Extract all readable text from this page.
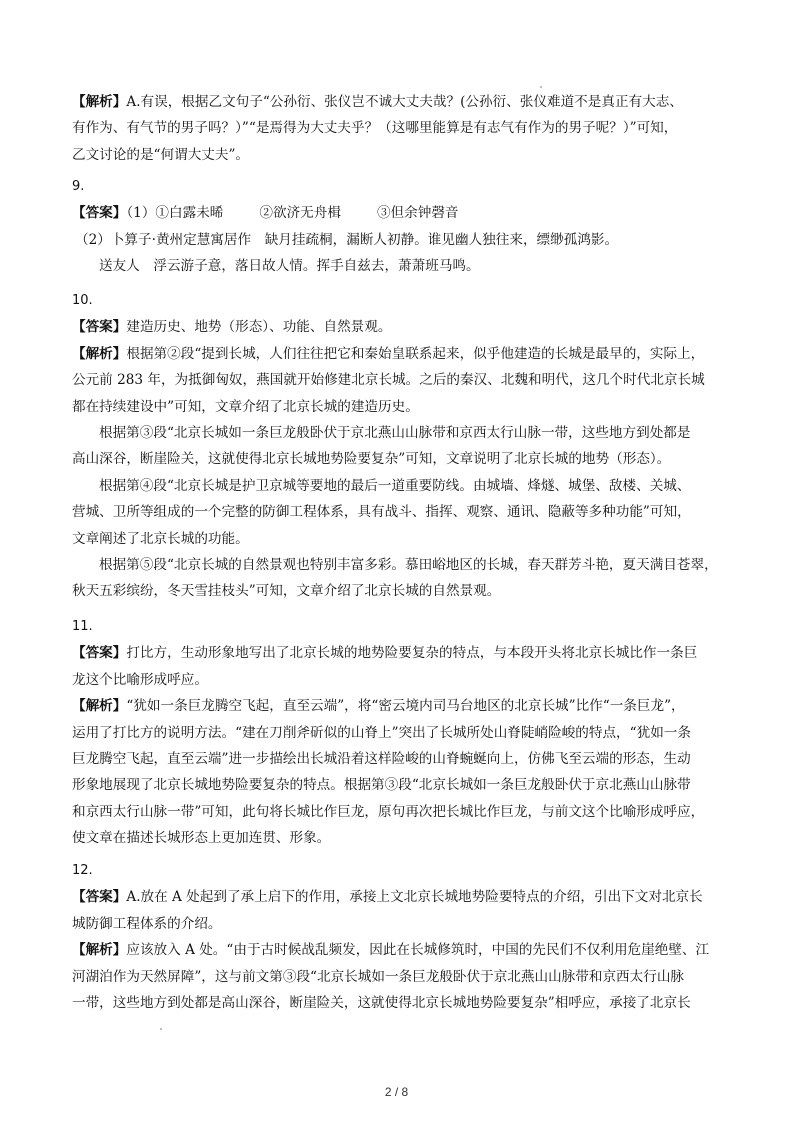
【解析】A.有误，根据乙文句子“公孙衍、张仪岂不诚大丈夫哉？(公孙衍、张仪难道不是真正有大志、

有作为、有气节的男子吗？）”“是焉得为大丈夫乎？（这哪里能算是有志气有作为的男子呢？）”可知，

乙文讨论的是“何谓大丈夫”。

9.

【答案】（1）①白露未晞	②欲济无舟楫	③但余钟磬音

（2）卜算子·黄州定慧寓居作　缺月挂疏桐，漏断人初静。谁见幽人独往来，缥缈孤鸿影。

送友人　浮云游子意，落日故人情。挥手自兹去，萧萧班马鸣。

10.

【答案】建造历史、地势（形态）、功能、自然景观。

【解析】根据第②段“提到长城，人们往往把它和秦始皇联系起来，似乎他建造的长城是最早的，实际上，

公元前 283 年，为抵御匈奴，燕国就开始修建北京长城。之后的秦汉、北魏和明代，这几个时代北京长城

都在持续建设中”可知，文章介绍了北京长城的建造历史。

根据第③段“北京长城如一条巨龙般卧伏于京北燕山山脉带和京西太行山脉一带，这些地方到处都是

高山深谷，断崖险关，这就使得北京长城地势险要复杂”可知，文章说明了北京长城的地势（形态）。

根据第④段“北京长城是护卫京城等要地的最后一道重要防线。由城墙、烽燧、城堡、敌楼、关城、

营城、卫所等组成的一个完整的防御工程体系，具有战斗、指挥、观察、通讯、隐蔽等多种功能”可知，

文章阐述了北京长城的功能。

根据第⑤段“北京长城的自然景观也特别丰富多彩。慕田峪地区的长城，春天群芳斗艳，夏天满目苍翠，

秋天五彩缤纷，冬天雪挂枝头”可知，文章介绍了北京长城的自然景观。

11.

【答案】打比方，生动形象地写出了北京长城的地势险要复杂的特点，与本段开头将北京长城比作一条巨

龙这个比喻形成呼应。

【解析】“犹如一条巨龙腾空飞起，直至云端”，将“密云境内司马台地区的北京长城”比作“一条巨龙”，

运用了打比方的说明方法。“建在刀削斧斫似的山脊上”突出了长城所处山脊陡峭险峻的特点，“犹如一条

巨龙腾空飞起，直至云端”进一步描绘出长城沿着这样险峻的山脊蜿蜒向上，仿佛飞至云端的形态，生动

形象地展现了北京长城地势险要复杂的特点。根据第③段“北京长城如一条巨龙般卧伏于京北燕山山脉带

和京西太行山脉一带”可知，此句将长城比作巨龙，原句再次把长城比作巨龙，与前文这个比喻形成呼应，

使文章在描述长城形态上更加连贯、形象。

12.

【答案】A.放在 A 处起到了承上启下的作用，承接上文北京长城地势险要特点的介绍，引出下文对北京长

城防御工程体系的介绍。

【解析】应该放入 A 处。“由于古时候战乱频发，因此在长城修筑时，中国的先民们不仅利用危崖绝壁、江

河湖泊作为天然屏障”，这与前文第③段“北京长城如一条巨龙般卧伏于京北燕山山脉带和京西太行山脉

一带，这些地方到处都是高山深谷，断崖险关，这就使得北京长城地势险要复杂”相呼应，承接了北京长

2 / 8
